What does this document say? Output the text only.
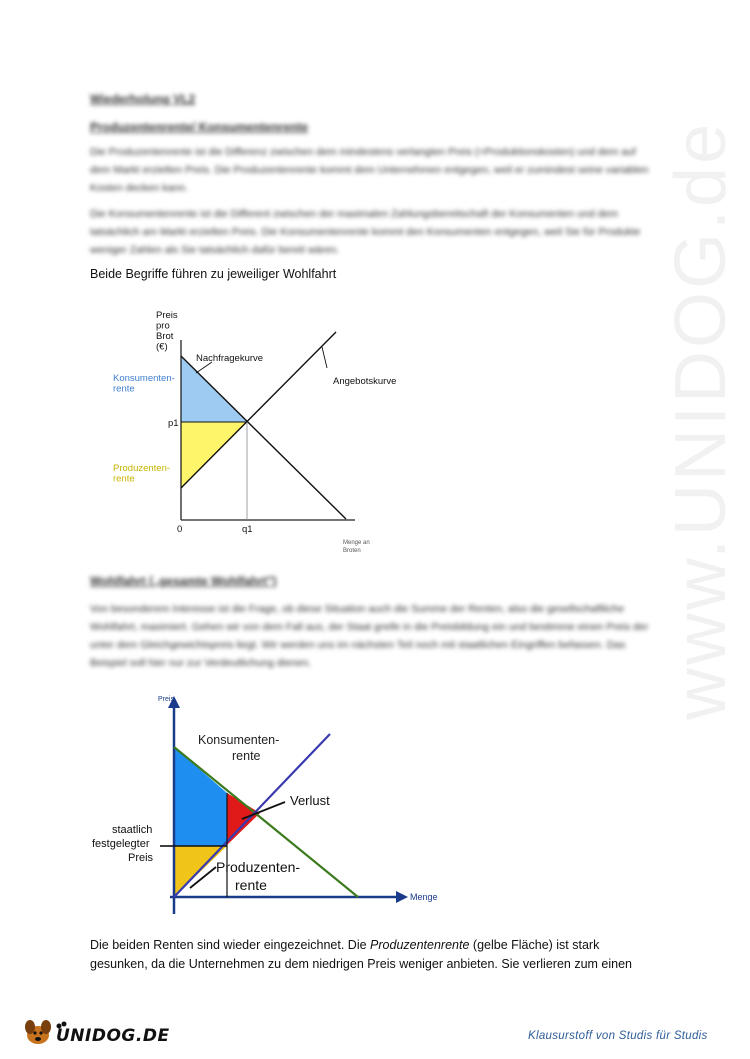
www.UNIDOG.de
Wiederholung VL2
Produzentenrente/ Konsumentenrente
Die Produzentenrente ist die Differenz zwischen dem mindestens verlangten Preis (=Produktionskosten) und dem auf dem Markt erzielten Preis. Die Produzentenrente kommt dem Unternehmen entgegen, weil er zumindest seine variablen Kosten decken kann.
Die Konsumentenrente ist die Different zwischen der maximalen Zahlungsbereitschaft der Konsumenten und dem tatsächlich am Markt erzielten Preis. Die Konsumentenrente kommt den Konsumenten entgegen, weil Sie für Produkte weniger Zahlen als Sie tatsächlich dafür bereit wären.
Beide Begriffe führen zu jeweiliger Wohlfahrt
Preis pro Brot (€)
Nachfragekurve
Angebotskurve
Konsumenten- rente
p1
Produzenten- rente
0	q1
Menge an Broten
Wohlfahrt („gesamte Wohlfahrt")
Von besonderem Interesse ist die Frage, ob diese Situation auch die Summe der Renten, also die gesellschaftliche Wohlfahrt, maximiert. Gehen wir von dem Fall aus, der Staat greife in die Preisbildung ein und bestimme einen Preis der unter dem Gleichgewichtspreis liegt. Wir werden uns im nächsten Teil noch mit staatlichen Eingriffen befassen. Das Beispiel soll hier nur zur Verdeutlichung dienen.
Preis
Menge
Konsumenten- rente
Verlust
staatlich festgelegter Preis
Produzenten- rente
Die beiden Renten sind wieder eingezeichnet. Die Produzentenrente (gelbe Fläche) ist stark
gesunken, da die Unternehmen zu dem niedrigen Preis weniger anbieten. Sie verlieren zum einen
UNIDOG.DE	Klausurstoff von Studis für Studis
